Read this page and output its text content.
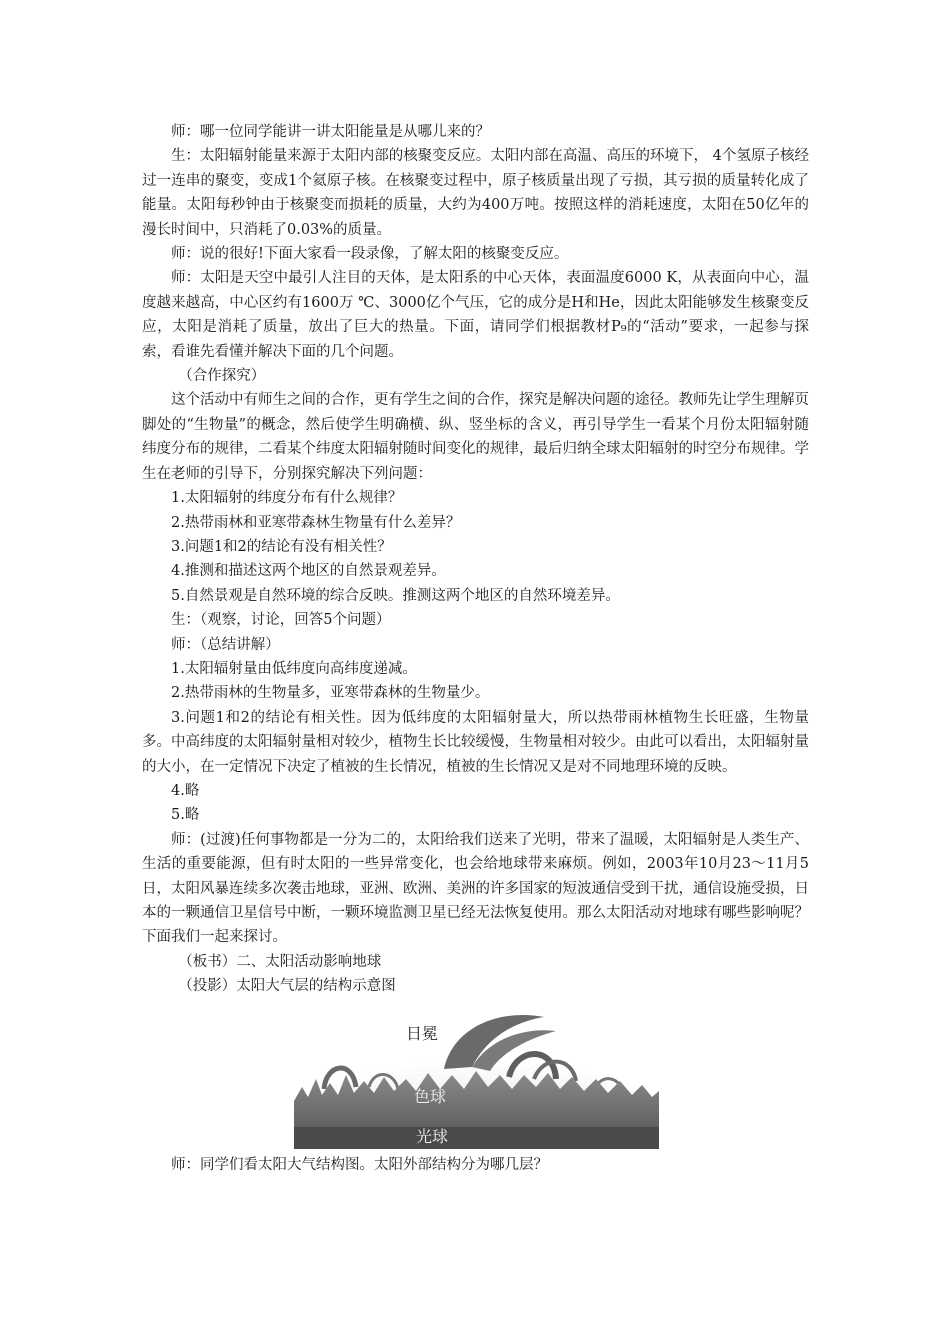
师：哪一位同学能讲一讲太阳能量是从哪儿来的？

生：太阳辐射能量来源于太阳内部的核聚变反应。太阳内部在高温、高压的环境下， 4个氢原子核经过一连串的聚变，变成1个氦原子核。在核聚变过程中，原子核质量出现了亏损，其亏损的质量转化成了能量。太阳每秒钟由于核聚变而损耗的质量，大约为400万吨。按照这样的消耗速度，太阳在50亿年的漫长时间中，只消耗了0.03%的质量。

师：说的很好!下面大家看一段录像，了解太阳的核聚变反应。

师：太阳是天空中最引人注目的天体，是太阳系的中心天体，表面温度6000 K，从表面向中心，温度越来越高，中心区约有1600万 ℃、3000亿个气压，它的成分是H和He，因此太阳能够发生核聚变反应，太阳是消耗了质量，放出了巨大的热量。下面，请同学们根据教材P₉的“活动”要求，一起参与探索，看谁先看懂并解决下面的几个问题。

（合作探究）

这个活动中有师生之间的合作，更有学生之间的合作，探究是解决问题的途径。教师先让学生理解页脚处的“生物量”的概念，然后使学生明确横、纵、竖坐标的含义，再引导学生一看某个月份太阳辐射随纬度分布的规律，二看某个纬度太阳辐射随时间变化的规律，最后归纳全球太阳辐射的时空分布规律。学生在老师的引导下，分别探究解决下列问题：

1.太阳辐射的纬度分布有什么规律？

2.热带雨林和亚寒带森林生物量有什么差异？

3.问题1和2的结论有没有相关性？

4.推测和描述这两个地区的自然景观差异。

5.自然景观是自然环境的综合反映。推测这两个地区的自然环境差异。

生：（观察，讨论，回答5个问题）

师：（总结讲解）

1.太阳辐射量由低纬度向高纬度递减。

2.热带雨林的生物量多，亚寒带森林的生物量少。

3.问题1和2的结论有相关性。因为低纬度的太阳辐射量大，所以热带雨林植物生长旺盛，生物量多。中高纬度的太阳辐射量相对较少，植物生长比较缓慢，生物量相对较少。由此可以看出，太阳辐射量的大小，在一定情况下决定了植被的生长情况，植被的生长情况又是对不同地理环境的反映。

4.略

5.略

师：(过渡)任何事物都是一分为二的，太阳给我们送来了光明，带来了温暖，太阳辐射是人类生产、生活的重要能源，但有时太阳的一些异常变化，也会给地球带来麻烦。例如，2003年10月23～11月5日，太阳风暴连续多次袭击地球，亚洲、欧洲、美洲的许多国家的短波通信受到干扰，通信设施受损，日本的一颗通信卫星信号中断，一颗环境监测卫星已经无法恢复使用。那么太阳活动对地球有哪些影响呢？下面我们一起来探讨。

（板书）二、太阳活动影响地球

（投影）太阳大气层的结构示意图

日冕
色球
光球

师：同学们看太阳大气结构图。太阳外部结构分为哪几层？
